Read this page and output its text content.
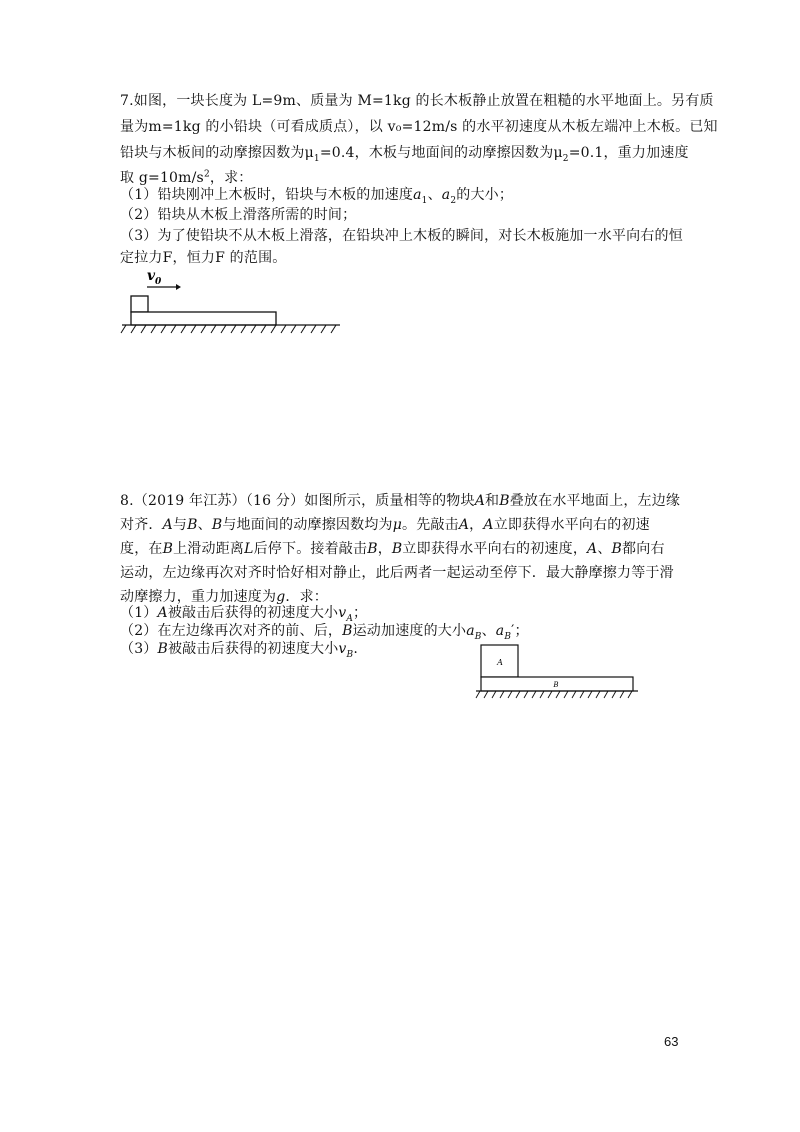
7.如图，一块长度为 L=9m、质量为 M=1kg 的长木板静止放置在粗糙的水平地面上。另有质
量为m=1kg 的小铅块（可看成质点），以 v₀=12m/s 的水平初速度从木板左端冲上木板。已知
铅块与木板间的动摩擦因数为$\mu_1=0.4$，木板与地面间的动摩擦因数为$\mu_2=0.1$，重力加速度
取 $g=10m/s^2$，求：
（1）铅块刚冲上木板时，铅块与木板的加速度$a_1$、$a_2$的大小；
（2）铅块从木板上滑落所需的时间；
（3）为了使铅块不从木板上滑落，在铅块冲上木板的瞬间，对长木板施加一水平向右的恒
定拉力F，恒力F 的范围。
v 0
8.（2019 年江苏）（16 分）如图所示，质量相等的物块A和B叠放在水平地面上，左边缘
对齐．A与B、B与地面间的动摩擦因数均为μ。先敲击A，A立即获得水平向右的初速
度，在B上滑动距离L后停下。接着敲击B，B立即获得水平向右的初速度，A、B都向右
运动，左边缘再次对齐时恰好相对静止，此后两者一起运动至停下．最大静摩擦力等于滑
动摩擦力，重力加速度为g．求：
（1）A被敲击后获得的初速度大小$v_A$；
（2）在左边缘再次对齐的前、后，B运动加速度的大小$a_B$、$a_B'$；
（3）B被敲击后获得的初速度大小$v_B$.
A
B
63
